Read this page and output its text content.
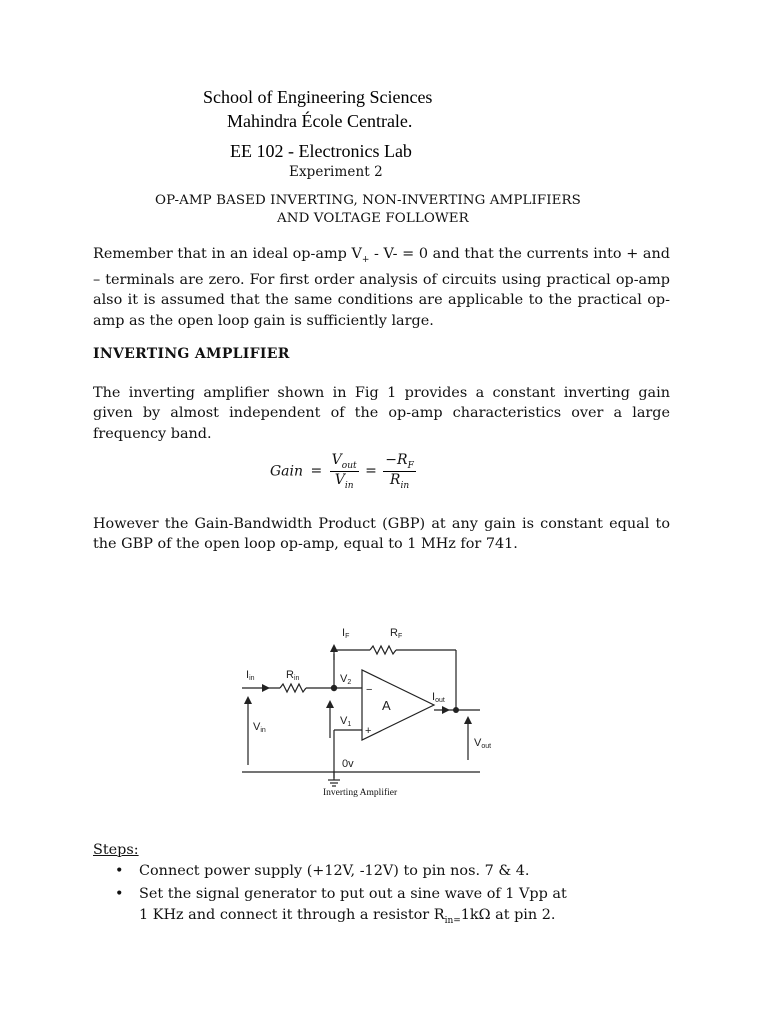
School of Engineering Sciences
Mahindra École Centrale.
EE 102 - Electronics Lab
Experiment 2
OP-AMP BASED INVERTING, NON-INVERTING AMPLIFIERS
AND VOLTAGE FOLLOWER
Remember that in an ideal op-amp $V_+ - V- = 0$ and that the currents into + and – terminals are zero. For first order analysis of circuits using practical op-amp also it is assumed that the same conditions are applicable to the practical op-amp as the open loop gain is sufficiently large.
INVERTING AMPLIFIER
The inverting amplifier shown in Fig 1 provides a constant inverting gain given by almost independent of the op-amp characteristics over a large frequency band.
Gain = $\frac{V_{out}}{V_{in}} = \frac{-R_F}{R_{in}}$
However the Gain-Bandwidth Product (GBP) at any gain is constant equal to the GBP of the open loop op-amp, equal to 1 MHz for 741.
Iin	Rin
Vin
IF	RF
V2
V1
−
+
A
Iout
Vout
0v
Inverting Amplifier
Steps:
• Connect power supply (+12V, -12V) to pin nos. 7 & 4.
• Set the signal generator to put out a sine wave of 1 Vpp at
1 KHz and connect it through a resistor $R_{in=}1k\Omega$ at pin 2.
